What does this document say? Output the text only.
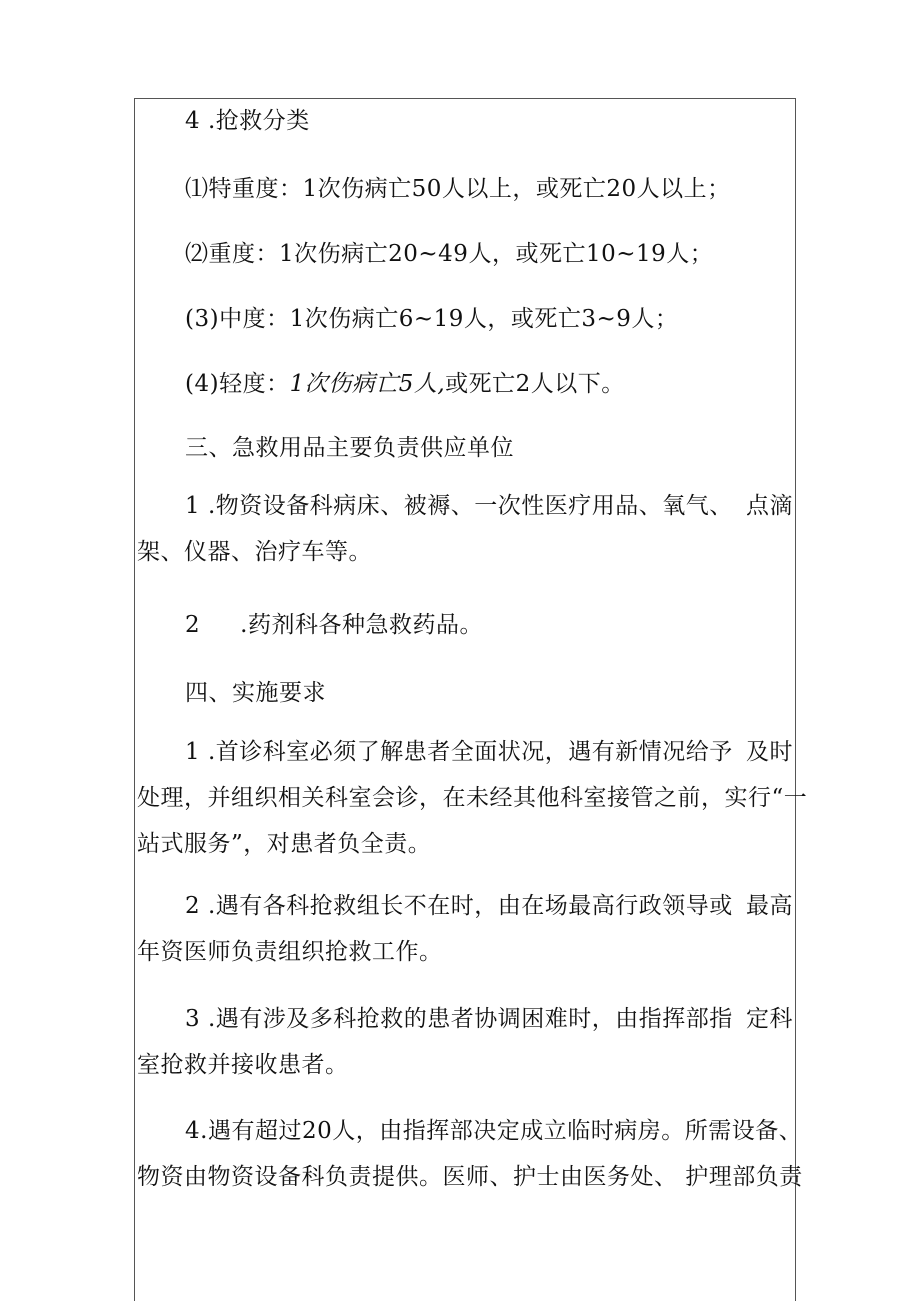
4 .抢救分类
⑴特重度：1次伤病亡50人以上，或死亡20人以上；
⑵重度：1次伤病亡20~49人，或死亡10~19人；
(3)中度：1次伤病亡6~19人，或死亡3~9人；
(4)轻度：1次伤病亡5人,或死亡2人以下。
三、急救用品主要负责供应单位
1 .物资设备科病床、被褥、一次性医疗用品、氧气、 点滴
架、仪器、治疗车等。
2 .药剂科各种急救药品。
四、实施要求
1 .首诊科室必须了解患者全面状况，遇有新情况给予 及时
处理，并组织相关科室会诊，在未经其他科室接管之前，实行“一
站式服务”，对患者负全责。
2 .遇有各科抢救组长不在时，由在场最高行政领导或 最高
年资医师负责组织抢救工作。
3 .遇有涉及多科抢救的患者协调困难时，由指挥部指 定科
室抢救并接收患者。
4.遇有超过20人，由指挥部决定成立临时病房。所需 设备、
物资由物资设备科负责提供。医师、护士由医务处、 护理部负责
